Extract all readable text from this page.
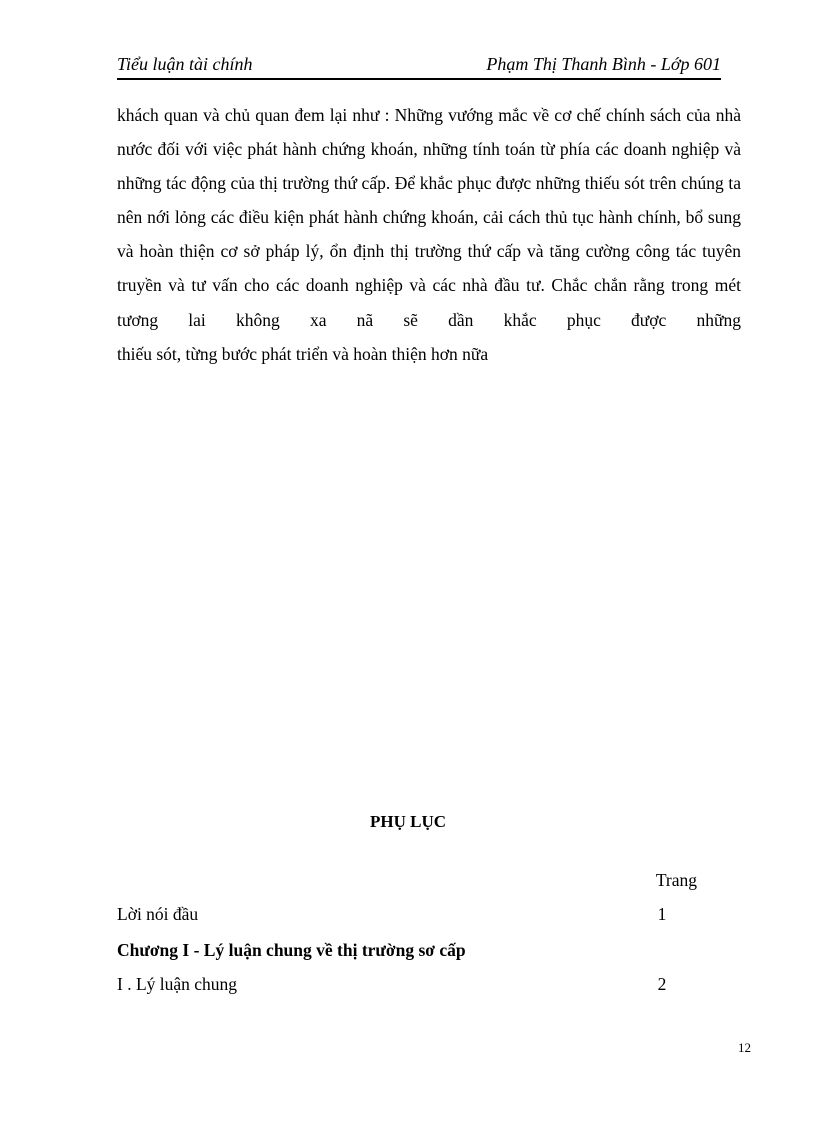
Tiểu luận tài chính	Phạm Thị Thanh Bình - Lớp 601

khách quan và chủ quan đem lại như : Những vướng mắc về cơ chế chính sách của nhà nước đối với việc phát hành chứng khoán, những tính toán từ phía các doanh nghiệp và những tác động của thị trường thứ cấp. Để khắc phục được những thiếu sót trên chúng ta nên nới lỏng các điều kiện phát hành chứng khoán, cải cách thủ tục hành chính, bổ sung và hoàn thiện cơ sở pháp lý, ổn định thị trường thứ cấp và tăng cường công tác tuyên truyền và tư vấn cho các doanh nghiệp và các nhà đầu tư. Chắc chắn rằng trong mét tương lai không xa nã sẽ dần khắc phục được những

thiếu sót, từng bước phát triển và hoàn thiện hơn nữa
PHỤ LỤC
Trang
Lời nói đầu	1
Chương I - Lý luận chung về thị trường sơ cấp
I . Lý luận chung	2
12
